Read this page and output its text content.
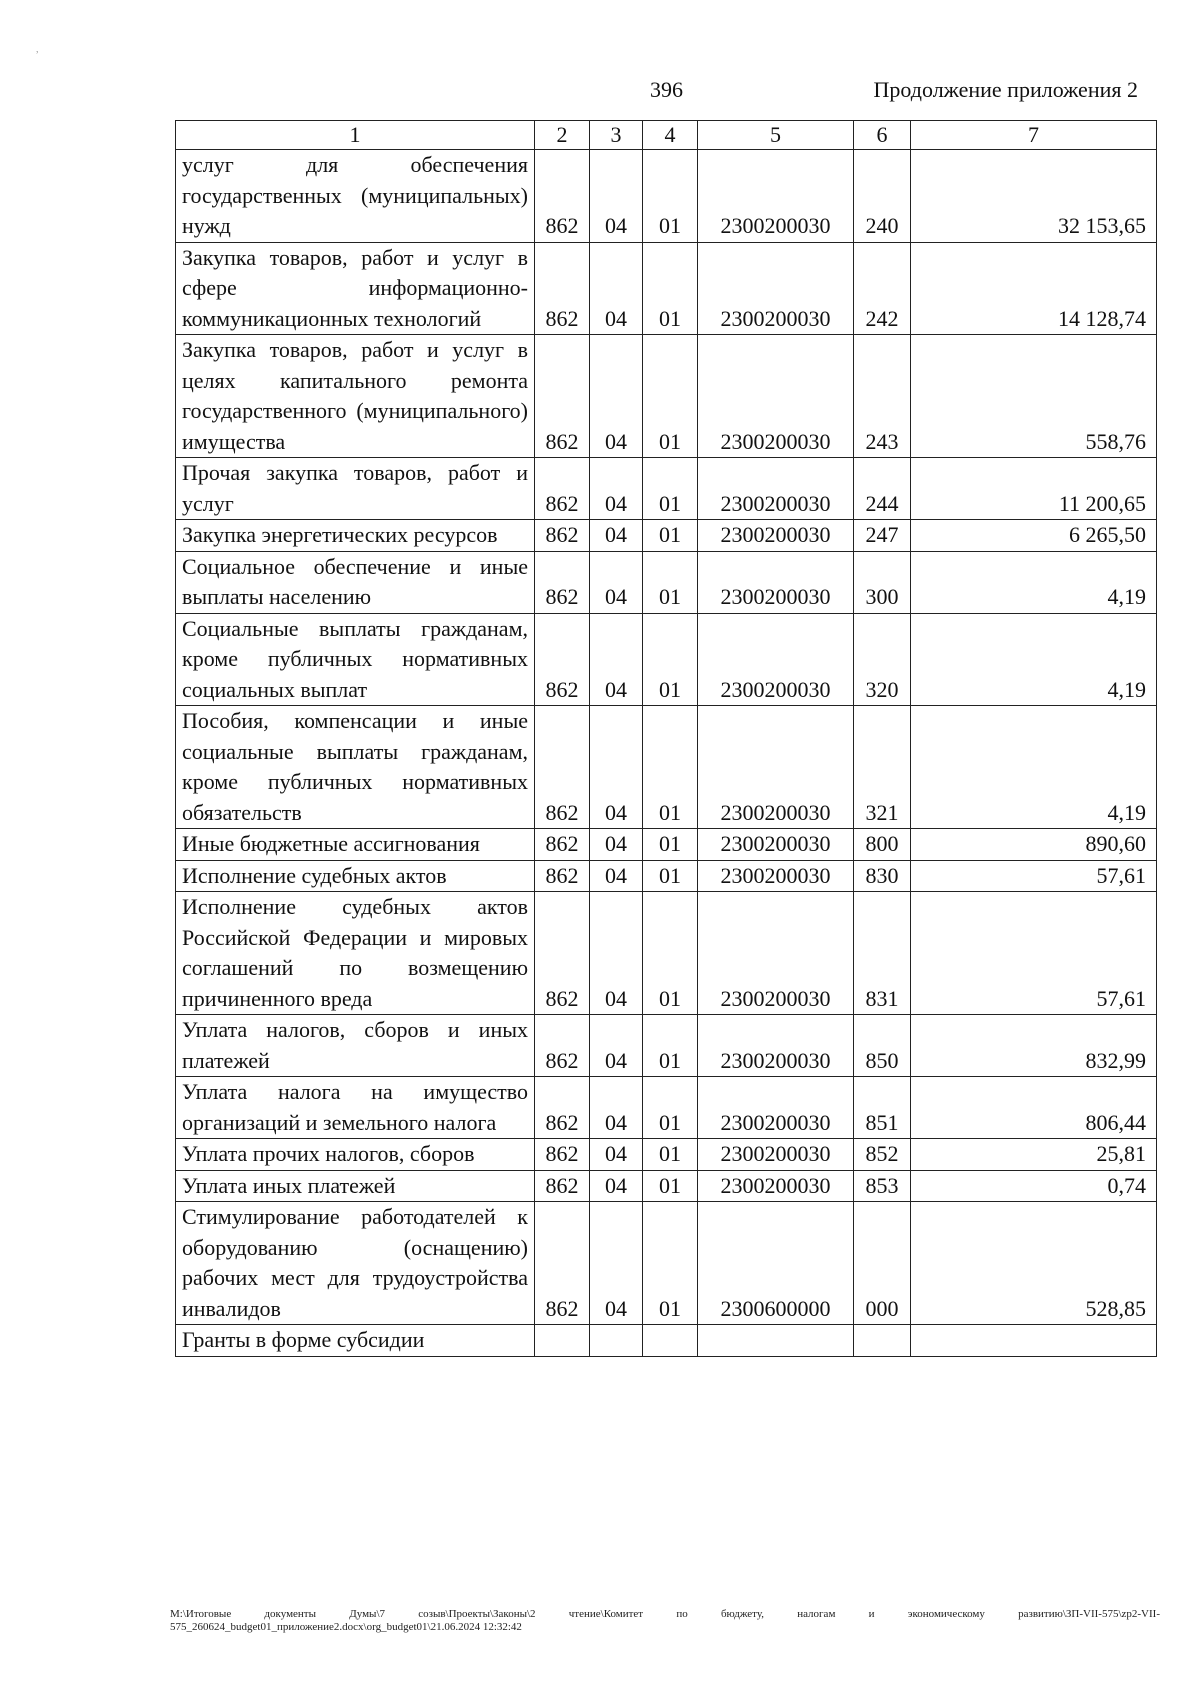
,
396	Продолжение приложения 2
1	2	3	4	5	6	7
услуг для обеспечения государственных (муниципальных) нужд	862	04	01	2300200030	240	32 153,65
Закупка товаров, работ и услуг в сфере информационно-коммуникационных технологий	862	04	01	2300200030	242	14 128,74
Закупка товаров, работ и услуг в целях капитального ремонта государственного (муниципального) имущества	862	04	01	2300200030	243	558,76
Прочая закупка товаров, работ и услуг	862	04	01	2300200030	244	11 200,65
Закупка энергетических ресурсов	862	04	01	2300200030	247	6 265,50
Социальное обеспечение и иные выплаты населению	862	04	01	2300200030	300	4,19
Социальные выплаты гражданам, кроме публичных нормативных социальных выплат	862	04	01	2300200030	320	4,19
Пособия, компенсации и иные социальные выплаты гражданам, кроме публичных нормативных обязательств	862	04	01	2300200030	321	4,19
Иные бюджетные ассигнования	862	04	01	2300200030	800	890,60
Исполнение судебных актов	862	04	01	2300200030	830	57,61
Исполнение судебных актов Российской Федерации и мировых соглашений по возмещению причиненного вреда	862	04	01	2300200030	831	57,61
Уплата налогов, сборов и иных платежей	862	04	01	2300200030	850	832,99
Уплата налога на имущество организаций и земельного налога	862	04	01	2300200030	851	806,44
Уплата прочих налогов, сборов	862	04	01	2300200030	852	25,81
Уплата иных платежей	862	04	01	2300200030	853	0,74
Стимулирование работодателей к оборудованию (оснащению) рабочих мест для трудоустройства инвалидов	862	04	01	2300600000	000	528,85
Гранты в форме субсидии						
M:\Итоговые документы Думы\7 созыв\Проекты\Законы\2 чтение\Комитет по бюджету, налогам и экономическому развитию\ЗП-VII-575\zp2-VII-575_260624_budget01_приложение2.docx\org_budget01\21.06.2024 12:32:42
